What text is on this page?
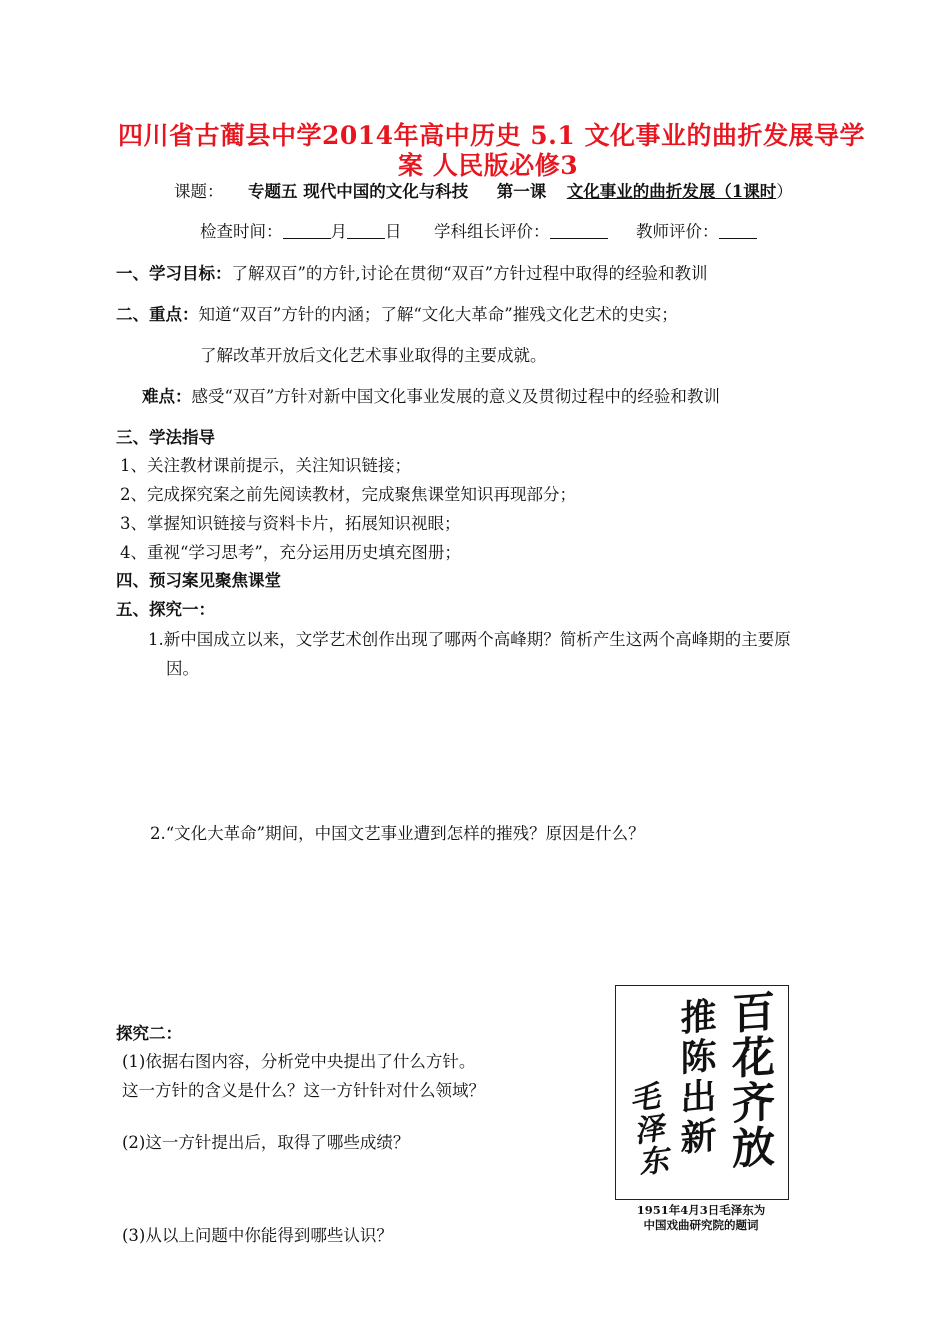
四川省古蔺县中学2014年高中历史 5.1 文化事业的曲折发展导学
案 人民版必修3
课题： 专题五 现代中国的文化与科技 第一课 文化事业的曲折发展（1课时）
检查时间：	月 日 学科组长评价：	教师评价：
一、学习目标：了解双百”的方针,讨论在贯彻“双百”方针过程中取得的经验和教训
二、重点：知道“双百”方针的内涵；了解“文化大革命”摧残文化艺术的史实；
了解改革开放后文化艺术事业取得的主要成就。
难点：感受“双百”方针对新中国文化事业发展的意义及贯彻过程中的经验和教训
三、学法指导
1、关注教材课前提示，关注知识链接；
2、完成探究案之前先阅读教材，完成聚焦课堂知识再现部分；
3、掌握知识链接与资料卡片，拓展知识视眼；
4、重视“学习思考”，充分运用历史填充图册；
四、预习案见聚焦课堂
五、探究一：
1.新中国成立以来，文学艺术创作出现了哪两个高峰期？简析产生这两个高峰期的主要原
因。
2.“文化大革命”期间，中国文艺事业遭到怎样的摧残？原因是什么？
探究二：
(1)依据右图内容，分析党中央提出了什么方针。
这一方针的含义是什么？这一方针针对什么领域？
(2)这一方针提出后，取得了哪些成绩？
(3)从以上问题中你能得到哪些认识？
百花齐放
推陈出新
毛泽东
1951年4月3日毛泽东为
中国戏曲研究院的题词
